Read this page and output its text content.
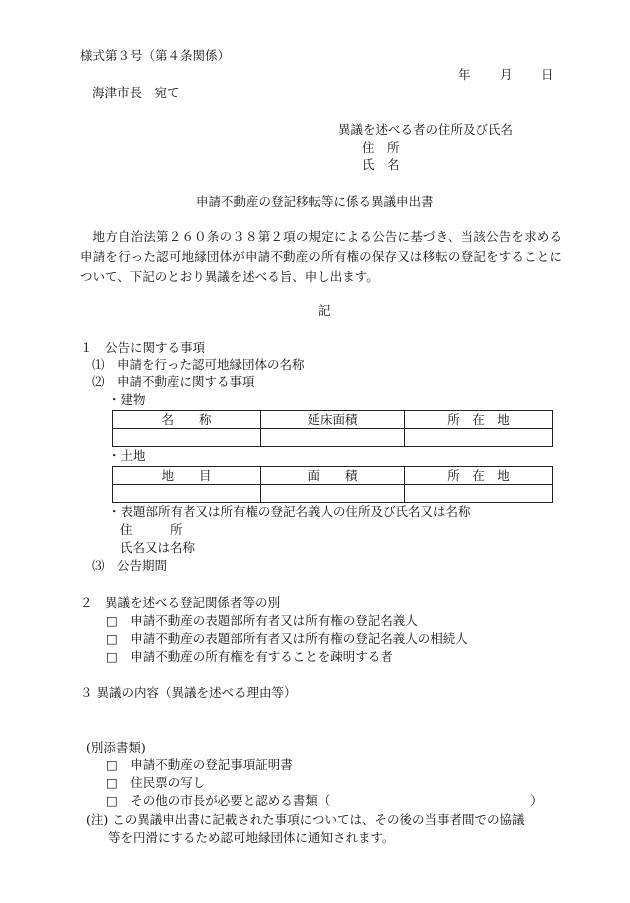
様式第３号（第４条関係）
年 月 日
海津市長　宛て
異議を述べる者の住所及び氏名
住　所
氏　名
申請不動産の登記移転等に係る異議申出書
地方自治法第２６０条の３８第２項の規定による公告に基づき、当該公告を求める申請を行った認可地縁団体が申請不動産の所有権の保存又は移転の登記をすることについて、下記のとおり異議を述べる旨、申し出ます。
記
１　公告に関する事項
⑴　申請を行った認可地縁団体の名称
⑵　申請不動産に関する事項
・建物
名　　称	延床面積	所　在　地

・土地
地　　目	面　　積	所　在　地

・表題部所有者又は所有権の登記名義人の住所及び氏名又は名称
住　　　所
氏名又は名称
⑶　公告期間
２　異議を述べる登記関係者等の別
□　申請不動産の表題部所有者又は所有権の登記名義人
□　申請不動産の表題部所有者又は所有権の登記名義人の相続人
□　申請不動産の所有権を有することを疎明する者
３ 異議の内容（異議を述べる理由等）
(別添書類)
□　申請不動産の登記事項証明書
□　住民票の写し
□　その他の市長が必要と認める書類（　　　　　　　　　　　　　　　　）
(注) この異議申出書に記載された事項については、その後の当事者間での協議
等を円滑にするため認可地縁団体に通知されます。
